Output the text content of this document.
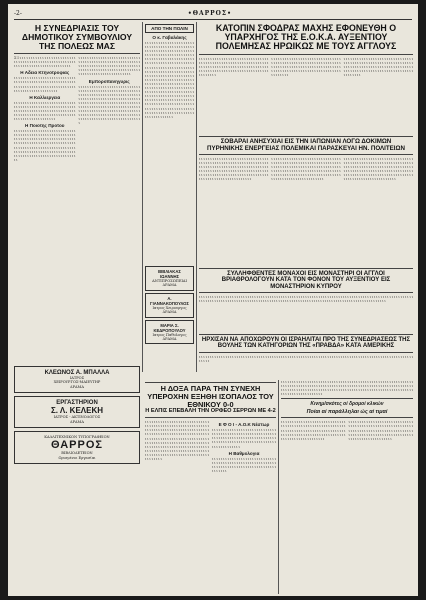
-2-	•ΘΑΡΡΟΣ•
Η ΣΥΝΕΔΡΙΑΣΙΣ ΤΟΥ ΔΗΜΟΤΙΚΟΥ ΣΥΜΒΟΥΛΙΟΥ ΤΗΣ ΠΟΛΕΩΣ ΜΑΣ
Σ Ι ι ι ι ι ι ι ι ι ι ι ι ι ι ι ι ι ι ι ι ι ι ι ι ι ι ι ι ι ι ι ι ι ι ι ι ι ι ι ι ι ι ι ι ι ι ι ι ι ι ι ι ι ι ι ι ι ι ι ι ι ι ι ι ι ι ι ι ι ι ι ι ι ι ι ι ι ι ι ι
Η Αδεια Κτηνοτροφιας
ι ι ι ι ι ι ι ι ι ι ι ι ι ι ι ι ι ι ι ι ι ι ι ι ι ι ι ι ι ι ι ι ι ι ι ι ι ι ι ι ι ι ι ι ι ι ι ι ι ι ι ι ι ι ι ι ι ι ι ι ι ι ι ι ι ι ι ι ι ι ι ι ι ι ι ι ι ι ι ι ι ι ι ι ι ι ι ι ι ι ι ι ι ι ι ι ι ι ι ι ι ι ι ι
Η Καλλιεργεια
ι ι ι ι ι ι ι ι ι ι ι ι ι ι ι ι ι ι ι ι ι ι ι ι ι ι ι ι ι ι ι ι ι ι ι ι ι ι ι ι ι ι ι ι ι ι ι ι ι ι ι ι ι ι ι ι ι ι ι ι ι ι ι ι ι ι ι ι ι ι ι ι ι ι ι ι ι ι ι ι ι ι ι ι ι ι ι ι ι ι ι ι ι ι ι ι ι ι ι ι ι ι ι ι ι ι ι ι ι ι ι ι ι ι ι ι ι ι ι ι ι ι ι ι ι ι ι ι ι ι ι
Η Ποιοτης Προτου
ι ι ι ι ι ι ι ι ι ι ι ι ι ι ι ι ι ι ι ι ι ι ι ι ι ι ι ι ι ι ι ι ι ι ι ι ι ι ι ι ι ι ι ι ι ι ι ι ι ι ι ι ι ι ι ι ι ι ι ι ι ι ι ι ι ι ι ι ι ι ι ι ι ι ι ι ι ι ι ι ι ι ι ι ι ι ι ι ι ι ι ι ι ι ι ι ι ι ι ι ι ι ι ι ι ι ι ι ι ι ι ι ι ι ι ι ι ι ι ι ι ι ι ι ι ι ι ι ι ι ι ι ι ι ι ι ι ι ι ι ι ι ι ι ι ι ι ι ι ι ι ι ι ι ι ι ι ι ι ι ι ι ι ι ι ι ι ι ι ι ι ι ι ι ι ι ι ι ι ι ι ι ι ι ι ι ι ι ι ι ι ι ι ι ι ι ι ι
ι ι ι ι ι ι ι ι ι ι ι ι ι ι ι ι ι ι ι ι ι ι ι ι ι ι ι ι ι ι ι ι ι ι ι ι ι ι ι ι ι ι ι ι ι ι ι ι ι ι ι ι ι ι ι ι ι ι ι ι ι ι ι ι ι ι ι ι ι ι ι ι ι ι ι ι ι ι ι ι ι ι ι ι ι ι ι ι ι ι ι ι ι ι ι ι ι ι ι ι ι ι ι ι ι ι ι ι ι ι ι ι ι ι ι ι ι ι ι ι ι ι ι ι ι ι ι ι ι ι ι ι ι ι ι ι
Εμποροπανηγυρις
ι ι ι ι ι ι ι ι ι ι ι ι ι ι ι ι ι ι ι ι ι ι ι ι ι ι ι ι ι ι ι ι ι ι ι ι ι ι ι ι ι ι ι ι ι ι ι ι ι ι ι ι ι ι ι ι ι ι ι ι ι ι ι ι ι ι ι ι ι ι ι ι ι ι ι ι ι ι ι ι ι ι ι ι ι ι ι ι ι ι ι ι ι ι ι ι ι ι ι ι ι ι ι ι ι ι ι ι ι ι ι ι ι ι ι ι ι ι ι ι ι ι ι ι ι ι ι ι ι ι ι ι ι ι ι ι ι ι ι ι ι ι ι ι ι ι ι ι ι ι ι ι ι ι ι ι ι ι ι ι ι ι ι ι ι ι ι ι ι ι ι ι ι ι ι ι ι ι ι ι ι ι ι ι ι ι ι ι ι ι ι ι ι ι ι ι ι ι ι ι ι ι ι ι ι ι ι ι ι ι ι ι ι ι ι ι ι ι ι ι ι ι ι ι ι ι ι ι ι ι ι ι ι ι ι ι ι ι ι ι ι ι ι ι ι ι ι ι ι ι ι ι ι
ΑΠΟ ΤΗΝ ΠΟΛΙΝ
Ο κ. Γαβαλάκης
ι ι ι ι ι ι ι ι ι ι ι ι ι ι ι ι ι ι ι ι ι ι ι ι ι ι ι ι ι ι ι ι ι ι ι ι ι ι ι ι ι ι ι ι ι ι ι ι ι ι ι ι ι ι ι ι ι ι ι ι ι ι ι ι ι ι ι ι ι ι ι ι ι ι ι ι ι ι ι ι ι ι ι ι ι ι ι ι ι ι ι ι ι ι ι ι ι ι ι ι ι ι ι ι ι ι ι ι ι ι ι ι ι ι ι ι ι ι ι ι ι ι ι ι ι ι ι ι ι ι ι ι ι ι ι ι ι ι ι ι ι ι ι ι ι ι ι ι ι ι ι ι ι ι ι ι ι ι ι ι ι ι ι ι ι ι ι ι ι ι ι ι ι ι ι ι ι ι ι ι ι ι ι ι ι ι ι ι ι ι ι ι ι ι ι ι ι ι ι ι ι ι ι ι ι ι ι ι ι ι ι ι ι ι ι ι ι ι ι ι ι ι ι ι ι ι ι ι ι ι ι ι ι ι ι ι ι ι ι ι ι ι ι ι ι ι ι ι ι ι ι ι ι ι ι ι ι ι ι ι ι ι ι ι ι ι ι ι ι ι ι ι ι ι ι ι ι ι ι ι ι ι ι ι ι ι ι ι ι ι ι ι ι ι ι ι ι ι ι ι ι ι ι ι ι ι ι ι ι ι ι ι ι ι ι ι ι ι ι ι ι ι ι ι ι ι ι ι ι ι ι ι ι ι ι ι ι ι ι ι ι ι ι ι ι ι ι ι ι ι ι ι ι ι ι ι ι ι ι ι ι ι ι ι ι ι ι ι ι ι ι ι ι ι ι ι ι ι ι ι ι ι ι ι ι ι ι ι ι ι ι ι ι ι ι ι ι ι ι ι ι ι ι ι ι ι ι ι ι
ΚΑΤΟΠΙΝ ΣΦΟΔΡΑΣ ΜΑΧΗΣ ΕΦΟΝΕΥΘΗ Ο ΥΠΑΡΧΗΓΟΣ ΤΗΣ Ε.Ο.Κ.Α. ΑΥΞΕΝΤΙΟΥ ΠΟΛΕΜΗΣΑΣ ΗΡΩΙΚΩΣ ΜΕ ΤΟΥΣ ΑΓΓΛΟΥΣ
ι ι ι ι ι ι ι ι ι ι ι ι ι ι ι ι ι ι ι ι ι ι ι ι ι ι ι ι ι ι ι ι ι ι ι ι ι ι ι ι ι ι ι ι ι ι ι ι ι ι ι ι ι ι ι ι ι ι ι ι ι ι ι ι ι ι ι ι ι ι ι ι ι ι ι ι ι ι ι ι ι ι ι ι ι ι ι ι ι ι ι ι ι ι ι ι ι ι ι ι ι ι ι ι ι ι ι ι ι ι ι ι ι ι ι ι ι ι ι ι ι ι ι ι ι ι ι ι ι ι ι ι
ι ι ι ι ι ι ι ι ι ι ι ι ι ι ι ι ι ι ι ι ι ι ι ι ι ι ι ι ι ι ι ι ι ι ι ι ι ι ι ι ι ι ι ι ι ι ι ι ι ι ι ι ι ι ι ι ι ι ι ι ι ι ι ι ι ι ι ι ι ι ι ι ι ι ι ι ι ι ι ι ι ι ι ι ι ι ι ι ι ι ι ι ι ι ι ι ι ι ι ι ι ι ι ι ι ι ι ι ι ι ι ι ι ι ι ι ι ι ι ι ι ι ι ι ι ι ι ι ι ι ι ι
ι ι ι ι ι ι ι ι ι ι ι ι ι ι ι ι ι ι ι ι ι ι ι ι ι ι ι ι ι ι ι ι ι ι ι ι ι ι ι ι ι ι ι ι ι ι ι ι ι ι ι ι ι ι ι ι ι ι ι ι ι ι ι ι ι ι ι ι ι ι ι ι ι ι ι ι ι ι ι ι ι ι ι ι ι ι ι ι ι ι ι ι ι ι ι ι ι ι ι ι ι ι ι ι ι ι ι ι ι ι ι ι ι ι ι ι ι ι ι ι ι ι ι ι ι ι ι ι ι ι ι ι
ΣΟΒΑΡΑΙ ΑΝΗΣΥΧΙΑΙ ΕΙΣ ΤΗΝ ΙΑΠΩΝΙΑΝ ΛΟΓΩ ΔΟΚΙΜΩΝ ΠΥΡΗΝΙΚΗΣ ΕΝΕΡΓΕΙΑΣ ΠΟΛΕΜΙΚΑΙ ΠΑΡΑΣΚΕΥΑΙ ΗΝ. ΠΟΛΙΤΕΙΩΝ
ι ι ι ι ι ι ι ι ι ι ι ι ι ι ι ι ι ι ι ι ι ι ι ι ι ι ι ι ι ι ι ι ι ι ι ι ι ι ι ι ι ι ι ι ι ι ι ι ι ι ι ι ι ι ι ι ι ι ι ι ι ι ι ι ι ι ι ι ι ι ι ι ι ι ι ι ι ι ι ι ι ι ι ι ι ι ι ι ι ι ι ι ι ι ι ι ι ι ι ι ι ι ι ι ι ι ι ι ι ι ι ι ι ι ι ι ι ι ι ι ι ι ι ι ι ι ι ι ι ι ι ι ι ι ι ι ι ι ι ι ι ι ι ι ι ι ι ι ι ι ι ι ι ι ι ι ι ι ι ι ι ι ι ι ι ι ι ι ι ι ι ι ι ι ι ι ι ι ι
ι ι ι ι ι ι ι ι ι ι ι ι ι ι ι ι ι ι ι ι ι ι ι ι ι ι ι ι ι ι ι ι ι ι ι ι ι ι ι ι ι ι ι ι ι ι ι ι ι ι ι ι ι ι ι ι ι ι ι ι ι ι ι ι ι ι ι ι ι ι ι ι ι ι ι ι ι ι ι ι ι ι ι ι ι ι ι ι ι ι ι ι ι ι ι ι ι ι ι ι ι ι ι ι ι ι ι ι ι ι ι ι ι ι ι ι ι ι ι ι ι ι ι ι ι ι ι ι ι ι ι ι ι ι ι ι ι ι ι ι ι ι ι ι ι ι ι ι ι ι ι ι ι ι ι ι ι ι ι ι ι ι ι ι ι ι ι ι ι ι ι ι ι ι ι ι ι ι ι
ι ι ι ι ι ι ι ι ι ι ι ι ι ι ι ι ι ι ι ι ι ι ι ι ι ι ι ι ι ι ι ι ι ι ι ι ι ι ι ι ι ι ι ι ι ι ι ι ι ι ι ι ι ι ι ι ι ι ι ι ι ι ι ι ι ι ι ι ι ι ι ι ι ι ι ι ι ι ι ι ι ι ι ι ι ι ι ι ι ι ι ι ι ι ι ι ι ι ι ι ι ι ι ι ι ι ι ι ι ι ι ι ι ι ι ι ι ι ι ι ι ι ι ι ι ι ι ι ι ι ι ι ι ι ι ι ι ι ι ι ι ι ι ι ι ι ι ι ι ι ι ι ι ι ι ι ι ι ι ι ι ι ι ι ι ι ι ι ι ι ι ι ι ι ι ι ι ι ι
ΣΥΛΛΗΦΘΕΝΤΕΣ ΜΟΝΑΧΟΙ ΕΙΣ ΜΟΝΑΣΤΗΡΙ ΟΙ ΑΓΓΛΟΙ ΒΡΙΑΘΡΟΛΟΓΟΥΝ ΚΑΤΑ ΤΟΝ ΦΟΝΟΝ ΤΟΥ ΑΥΞΕΝΤΙΟΥ ΕΙΣ ΜΟΝΑΣΤΗΡΙΟΝ ΚΥΠΡΟΥ
ι ι ι ι ι ι ι ι ι ι ι ι ι ι ι ι ι ι ι ι ι ι ι ι ι ι ι ι ι ι ι ι ι ι ι ι ι ι ι ι ι ι ι ι ι ι ι ι ι ι ι ι ι ι ι ι ι ι ι ι ι ι ι ι ι ι ι ι ι ι ι ι ι ι ι ι ι ι ι ι ι ι ι ι ι ι ι ι ι ι ι ι ι ι ι ι ι ι ι ι ι ι ι ι ι ι ι ι ι ι ι ι ι ι ι ι ι ι ι ι ι ι ι ι ι ι ι ι ι ι ι ι ι ι ι ι ι ι ι ι ι ι ι ι ι ι ι ι ι ι ι ι ι ι ι ι ι ι ι ι ι ι ι ι ι ι ι ι ι ι ι ι ι ι ι ι ι ι ι ι ι ι
ΗΡΧΙΣΑΝ ΝΑ ΑΠΟΧΩΡΟΥΝ ΟΙ ΙΣΡΑΗΛΙΤΑΙ ΠΡΟ ΤΗΣ ΣΥΝΕΔΡΙΑΣΕΩΣ ΤΗΣ ΒΟΥΛΗΣ ΤΩΝ ΚΑΤΗΓΟΡΙΩΝ ΤΗΣ «ΠΡΑΒΔΑ» ΚΑΤΑ ΑΜΕΡΙΚΗΣ
ι ι ι ι ι ι ι ι ι ι ι ι ι ι ι ι ι ι ι ι ι ι ι ι ι ι ι ι ι ι ι ι ι ι ι ι ι ι ι ι ι ι ι ι ι ι ι ι ι ι ι ι ι ι ι ι ι ι ι ι ι ι ι ι ι ι ι ι ι ι ι ι ι ι ι ι ι ι ι ι ι ι ι ι ι ι ι ι ι ι ι ι ι ι ι ι ι ι ι ι ι ι
ΒΙΒΛΙΑΚΑΣ ΙΩΑΝΝΗΣ
ΑΝΤΙΠΡΟΣΩΠΕΙΑΙ
ΔΡΑΜΑ
Α. ΓΙΑΝΝΑΚΟΠΟΥΛΟΣ
Ιατρος Χειρουργος
ΔΡΑΜΑ
ΜΑΡΙΑ Σ. ΚΕΔΡΟΠΟΥΛΟΥ
Ιατρος Παθολογος
ΔΡΑΜΑ
ΚΛΕΩΝΟΣ Α. ΜΠΑΛΛΑ
ΙΑΤΡΟΣ
ΧΕΙΡΟΥΡΓΟΣ-ΜΑΙΕΥΤΗΡ
ΔΡΑΜΑ
ΕΡΓΑΣΤΗΡΙΟΝ
Σ. Λ. ΚΕΛΕΚΗ
ΙΑΤΡΟΣ - ΑΚΤΙΝΟΛΟΓΟΣ
ΔΡΑΜΑ
ΚΑΛΛΙΤΕΧΝΙΚΟΝ ΤΥΠΟΓΡΑΦΕΙΟΝ
ΘΑΡΡΟΣ
ΒΙΒΛΙΟΔΕΤΕΙΟΝ
Ωρισμένοι Εργασίαι
Η ΔΟΞΑ ΠΑΡΑ ΤΗΝ ΣΥΝΕΧΗ ΥΠΕΡΟΧΗΝ ΕΞΗΘΗ ΙΣΟΠΑΛΟΣ ΤΟΥ ΕΘΝΙΚΟΥ 0-0
Η ΕΛΠΙΣ ΕΠΕΒΑΛΗ ΤΗΝ ΟΡΦΕΟ ΣΕΡΡΩΝ ΜΕ 4-2
ι ι ι ι ι ι ι ι ι ι ι ι ι ι ι ι ι ι ι ι ι ι ι ι ι ι ι ι ι ι ι ι ι ι ι ι ι ι ι ι ι ι ι ι ι ι ι ι ι ι ι ι ι ι ι ι ι ι ι ι ι ι ι ι ι ι ι ι ι ι ι ι ι ι ι ι ι ι ι ι ι ι ι ι ι ι ι ι ι ι ι ι ι ι ι ι ι ι ι ι ι ι ι ι ι ι ι ι ι ι ι ι ι ι ι ι ι ι ι ι ι ι ι ι ι ι ι ι ι ι ι ι ι ι ι ι ι ι ι ι ι ι ι ι ι ι ι ι ι ι ι ι ι ι ι ι ι ι ι ι ι ι ι ι ι ι ι ι ι ι ι ι ι ι ι ι ι ι ι ι ι ι ι ι ι ι ι ι ι ι ι ι ι ι ι ι ι ι ι ι ι ι ι ι ι ι ι ι ι ι ι ι ι ι ι ι ι ι ι ι ι ι ι ι ι ι ι ι ι ι ι ι ι ι ι ι ι ι ι ι ι ι ι ι ι ι ι ι ι ι ι ι ι ι ι ι ι ι ι ι ι ι ι ι ι ι ι ι ι
Ε Φ Ο Ι - Α.Ο.Κ Νέστωρ
ι ι ι ι ι ι ι ι ι ι ι ι ι ι ι ι ι ι ι ι ι ι ι ι ι ι ι ι ι ι ι ι ι ι ι ι ι ι ι ι ι ι ι ι ι ι ι ι ι ι ι ι ι ι ι ι ι ι ι ι ι ι ι ι ι ι ι ι ι ι ι ι ι ι ι ι ι ι ι ι ι ι ι ι ι ι ι ι ι ι ι ι ι ι ι ι ι ι ι ι ι ι ι ι ι ι ι ι ι ι ι ι ι ι ι ι ι ι ι ι ι ι ι ι ι ι ι ι ι
Η Βαθμολογια
ι ι ι ι ι ι ι ι ι ι ι ι ι ι ι ι ι ι ι ι ι ι ι ι ι ι ι ι ι ι ι ι ι ι ι ι ι ι ι ι ι ι ι ι ι ι ι ι ι ι ι ι ι ι ι ι ι ι ι ι ι ι ι ι ι ι ι ι ι ι ι ι ι ι ι ι ι ι ι ι ι ι ι ι ι ι ι ι ι ι ι ι ι ι
ι ι ι ι ι ι ι ι ι ι ι ι ι ι ι ι ι ι ι ι ι ι ι ι ι ι ι ι ι ι ι ι ι ι ι ι ι ι ι ι ι ι ι ι ι ι ι ι ι ι ι ι ι ι ι ι ι ι ι ι ι ι ι ι ι ι ι ι ι ι ι ι ι ι ι ι ι ι ι ι ι ι ι ι ι ι ι ι ι ι ι ι ι ι ι ι ι ι ι ι ι ι ι ι ι ι ι ι ι ι ι ι ι ι ι ι ι ι ι ι ι ι ι ι ι ι ι ι ι ι ι ι ι ι ι ι ι ι ι ι ι ι ι ι ι ι ι ι ι ι ι ι ι ι ι ι ι ι ι ι ι ι ι ι ι ι ι ι ι ι ι ι ι ι ι ι ι ι ι ι ι ι ι ι ι ι ι ι ι ι ι ι ι ι ι ι ι ι ι
Κινημ/σκότες οί δρομοί κλικών
Ποίαι αί παράλληλαι ώς αί τιμαί
ι ι ι ι ι ι ι ι ι ι ι ι ι ι ι ι ι ι ι ι ι ι ι ι ι ι ι ι ι ι ι ι ι ι ι ι ι ι ι ι ι ι ι ι ι ι ι ι ι ι ι ι ι ι ι ι ι ι ι ι ι ι ι ι ι ι ι ι ι ι ι ι ι ι ι ι ι ι ι ι ι ι ι ι ι ι ι ι ι ι ι ι ι ι ι ι ι ι ι ι ι ι ι ι ι ι ι ι ι ι ι ι ι ι ι ι ι ι ι ι ι ι ι ι ι ι ι ι ι ι ι ι ι ι ι ι
ι ι ι ι ι ι ι ι ι ι ι ι ι ι ι ι ι ι ι ι ι ι ι ι ι ι ι ι ι ι ι ι ι ι ι ι ι ι ι ι ι ι ι ι ι ι ι ι ι ι ι ι ι ι ι ι ι ι ι ι ι ι ι ι ι ι ι ι ι ι ι ι ι ι ι ι ι ι ι ι ι ι ι ι ι ι ι ι ι ι ι ι ι ι ι ι ι ι ι ι ι ι ι ι ι ι ι ι ι ι ι ι ι ι ι ι ι ι ι ι ι ι ι ι ι ι ι ι ι ι ι ι ι ι ι ι
